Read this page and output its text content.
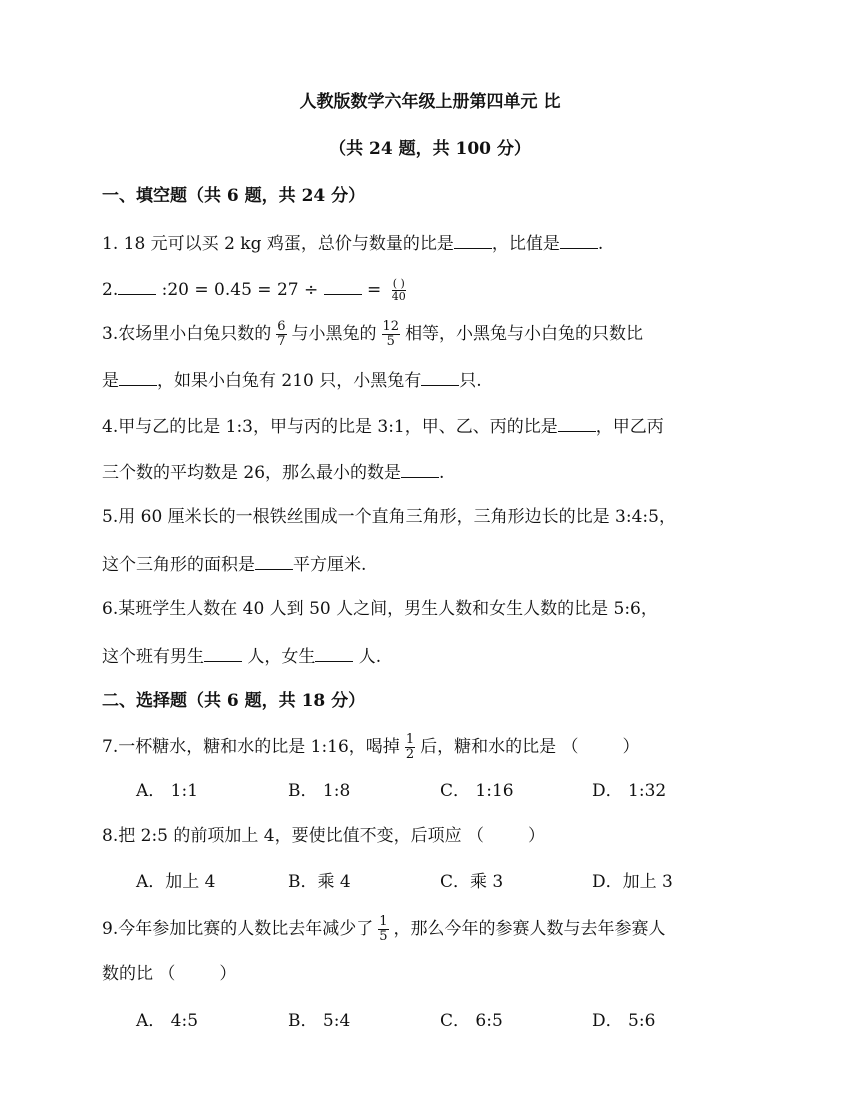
人教版数学六年级上册第四单元 比
（共 24 题，共 100 分）
一、填空题（共 6 题，共 24 分）
1. 18 元可以买 2 kg 鸡蛋，总价与数量的比是 ，比值是 .
2. :20 = 0.45 = 27 ÷  = $\frac{( )}{40}$
3.农场里小白兔只数的 $\frac{6}{7}$ 与小黑兔的 $\frac{12}{5}$ 相等，小黑兔与小白兔的只数比
是 ，如果小白兔有 210 只，小黑兔有 只.
4.甲与乙的比是 1:3，甲与丙的比是 3:1，甲、乙、丙的比是 ，甲乙丙
三个数的平均数是 26，那么最小的数是 .
5.用 60 厘米长的一根铁丝围成一个直角三角形，三角形边长的比是 3:4:5，
这个三角形的面积是 平方厘米.
6.某班学生人数在 40 人到 50 人之间，男生人数和女生人数的比是 5:6，
这个班有男生 人，女生 人.
二、选择题（共 6 题，共 18 分）
7.一杯糖水，糖和水的比是 1:16，喝掉 $\frac{1}{2}$ 后，糖和水的比是 （	）
A． 1:1	B． 1:8	C． 1:16	D． 1:32
8.把 2:5 的前项加上 4，要使比值不变，后项应 （	）
A．加上 4	B．乘 4	C．乘 3	D．加上 3
9.今年参加比赛的人数比去年减少了 $\frac{1}{5}$ ，那么今年的参赛人数与去年参赛人
数的比 （	）
A． 4:5	B． 5:4	C． 6:5	D． 5:6
